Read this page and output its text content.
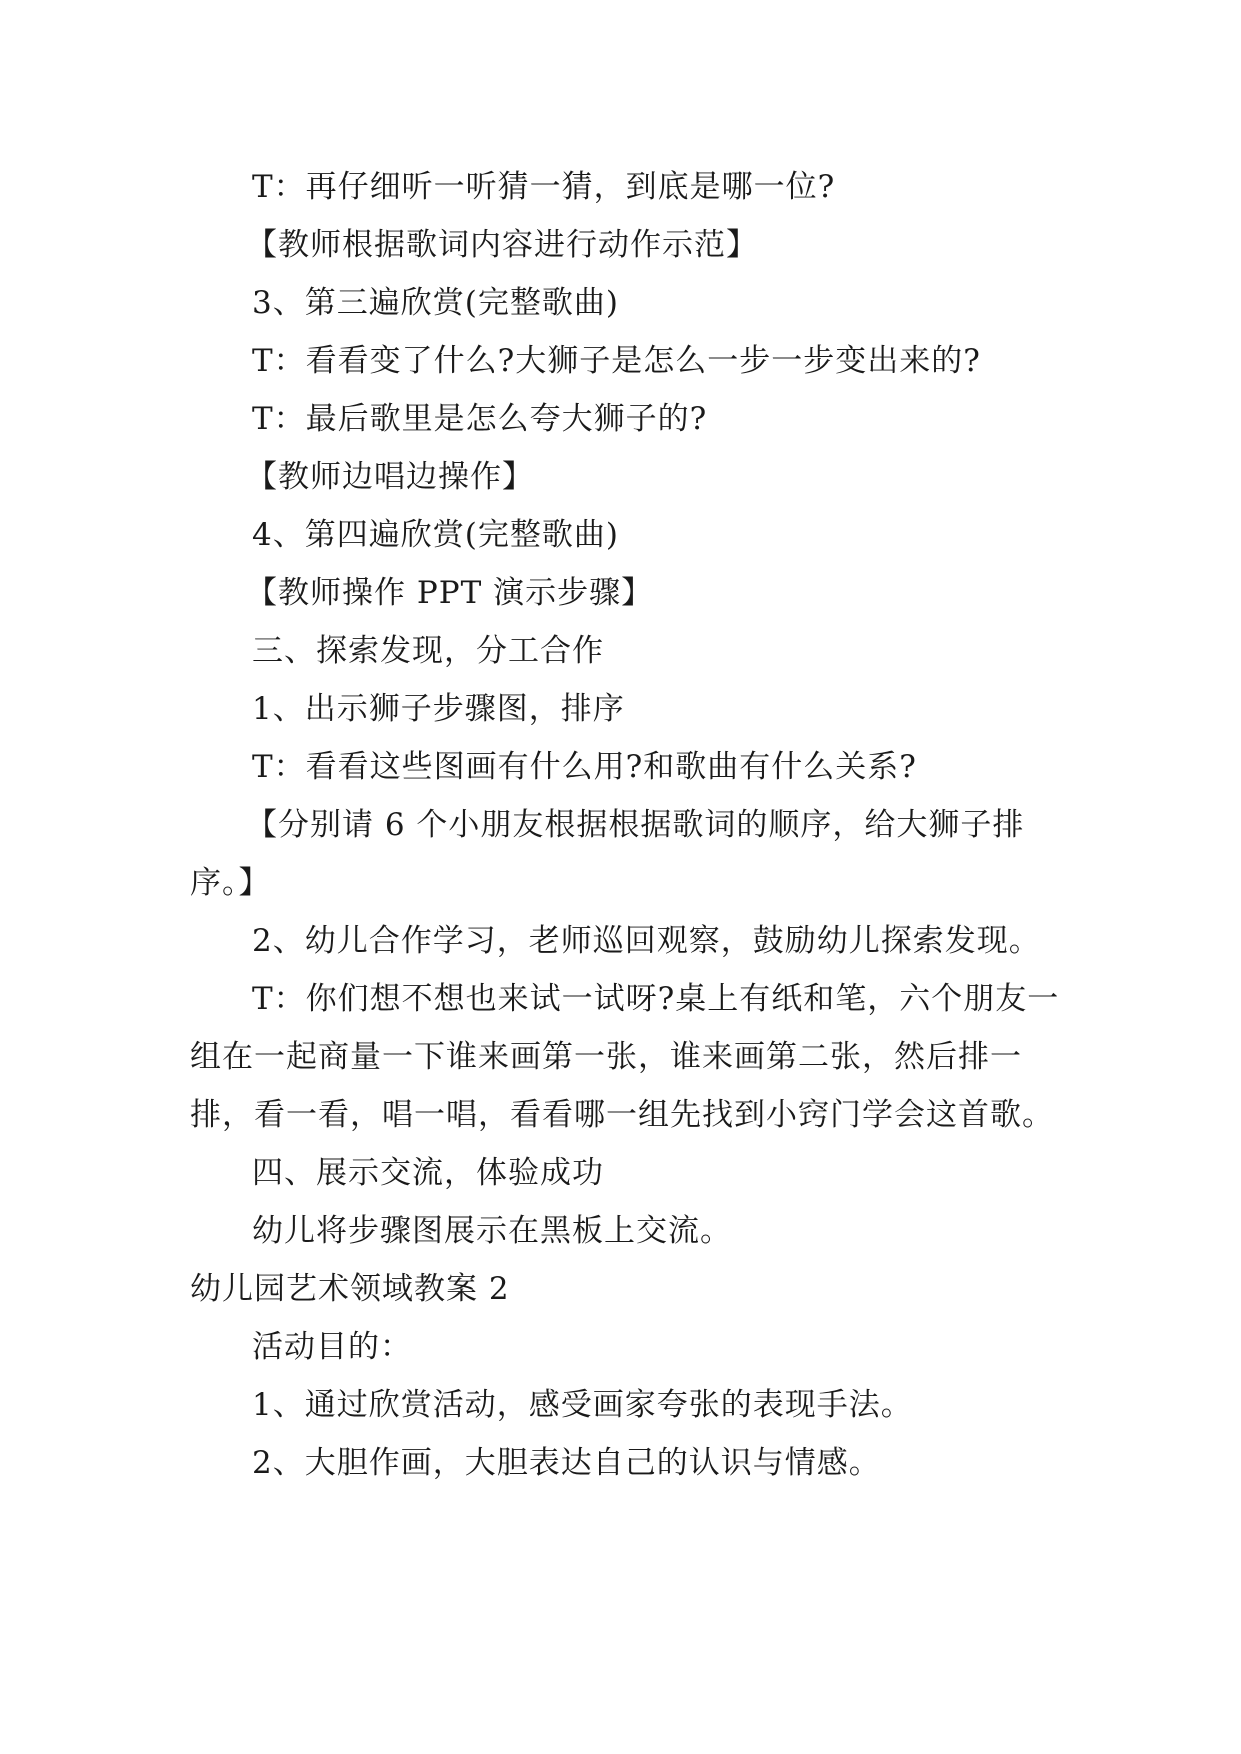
T：再仔细听一听猜一猜，到底是哪一位?

【教师根据歌词内容进行动作示范】

3、第三遍欣赏(完整歌曲)

T：看看变了什么?大狮子是怎么一步一步变出来的?

T：最后歌里是怎么夸大狮子的?

【教师边唱边操作】

4、第四遍欣赏(完整歌曲)

【教师操作 PPT 演示步骤】

三、探索发现，分工合作

1、出示狮子步骤图，排序

T：看看这些图画有什么用?和歌曲有什么关系?

【分别请 6 个小朋友根据根据歌词的顺序，给大狮子排序。】

2、幼儿合作学习，老师巡回观察，鼓励幼儿探索发现。

T：你们想不想也来试一试呀?桌上有纸和笔，六个朋友一组在一起商量一下谁来画第一张，谁来画第二张，然后排一排，看一看，唱一唱，看看哪一组先找到小窍门学会这首歌。

四、展示交流，体验成功

幼儿将步骤图展示在黑板上交流。

幼儿园艺术领域教案 2

活动目的：

1、通过欣赏活动，感受画家夸张的表现手法。

2、大胆作画，大胆表达自己的认识与情感。
